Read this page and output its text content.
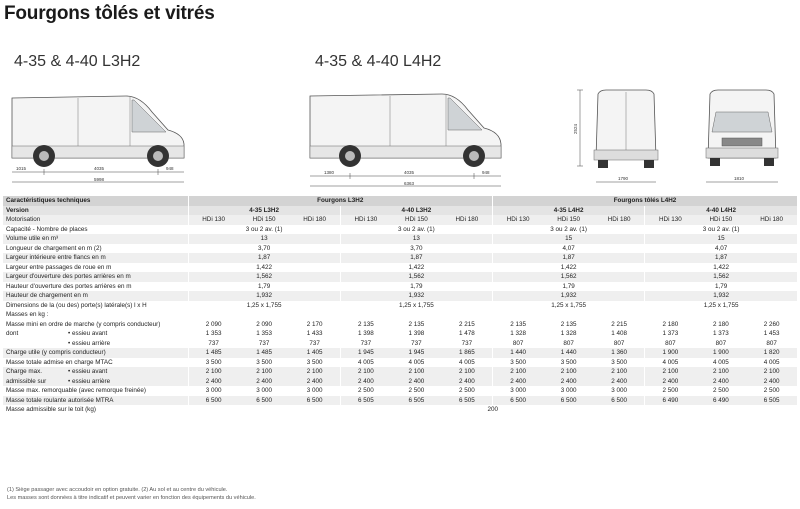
Fourgons tôlés et vitrés
4-35 & 4-40 L3H2	4-35 & 4-40 L4H2
1015	4035	948
5998
1380	4035	948
6363
2524
1790	1810
Caractéristiques techniques	Fourgons L3H2						Fourgons tôlés L4H2					
Version	4-35 L3H2			4-40 L3H2			4-35 L4H2			4-40 L4H2		
Motorisation	HDi 130	HDi 150	HDi 180	HDi 130	HDi 150	HDi 180	HDi 130	HDi 150	HDi 180	HDi 130	HDi 150	HDi 180
Capacité - Nombre de places	3 ou 2 av. (1)			3 ou 2 av. (1)			3 ou 2 av. (1)			3 ou 2 av. (1)		
Volume utile en m³	13			13			15			15		
Longueur de chargement en m (2)	3,70			3,70			4,07			4,07		
Largeur intérieure entre flancs en m	1,87			1,87			1,87			1,87		
Largeur entre passages de roue en m	1,422			1,422			1,422			1,422		
Largeur d'ouverture des portes arrières en m	1,562			1,562			1,562			1,562		
Hauteur d'ouverture des portes arrières en m	1,79			1,79			1,79			1,79		
Hauteur de chargement en m	1,932			1,932			1,932			1,932		
Dimensions de la (ou des) porte(s) latérale(s) l x H	1,25 x 1,755			1,25 x 1,755			1,25 x 1,755			1,25 x 1,755		
Masses en kg :												
Masse mini en ordre de marche (y compris conducteur)	2 090	2 090	2 170	2 135	2 135	2 215	2 135	2 135	2 215	2 180	2 180	2 260

dont	• essieu avant	1 353	1 353	1 433	1 398	1 398	1 478	1 328	1 328	1 408	1 373	1 373	1 453

• essieu arrière	737	737	737	737	737	737	807	807	807	807	807	807
Charge utile (y compris conducteur)	1 485	1 485	1 405	1 945	1 945	1 865	1 440	1 440	1 360	1 900	1 900	1 820
Masse totale admise en charge MTAC	3 500	3 500	3 500	4 005	4 005	4 005	3 500	3 500	3 500	4 005	4 005	4 005

Charge max.	• essieu avant	2 100	2 100	2 100	2 100	2 100	2 100	2 100	2 100	2 100	2 100	2 100	2 100

admissible sur	• essieu arrière	2 400	2 400	2 400	2 400	2 400	2 400	2 400	2 400	2 400	2 400	2 400	2 400
Masse max. remorquable (avec remorque freinée)	3 000	3 000	3 000	2 500	2 500	2 500	3 000	3 000	3 000	2 500	2 500	2 500
Masse totale roulante autorisée MTRA	6 500	6 500	6 500	6 505	6 505	6 505	6 500	6 500	6 500	6 490	6 490	6 505
Masse admissible sur le toit (kg)	200											
(1) Siège passager avec accoudoir en option gratuite. (2) Au sol et au centre du véhicule.
Les masses sont données à titre indicatif et peuvent varier en fonction des équipements du véhicule.
